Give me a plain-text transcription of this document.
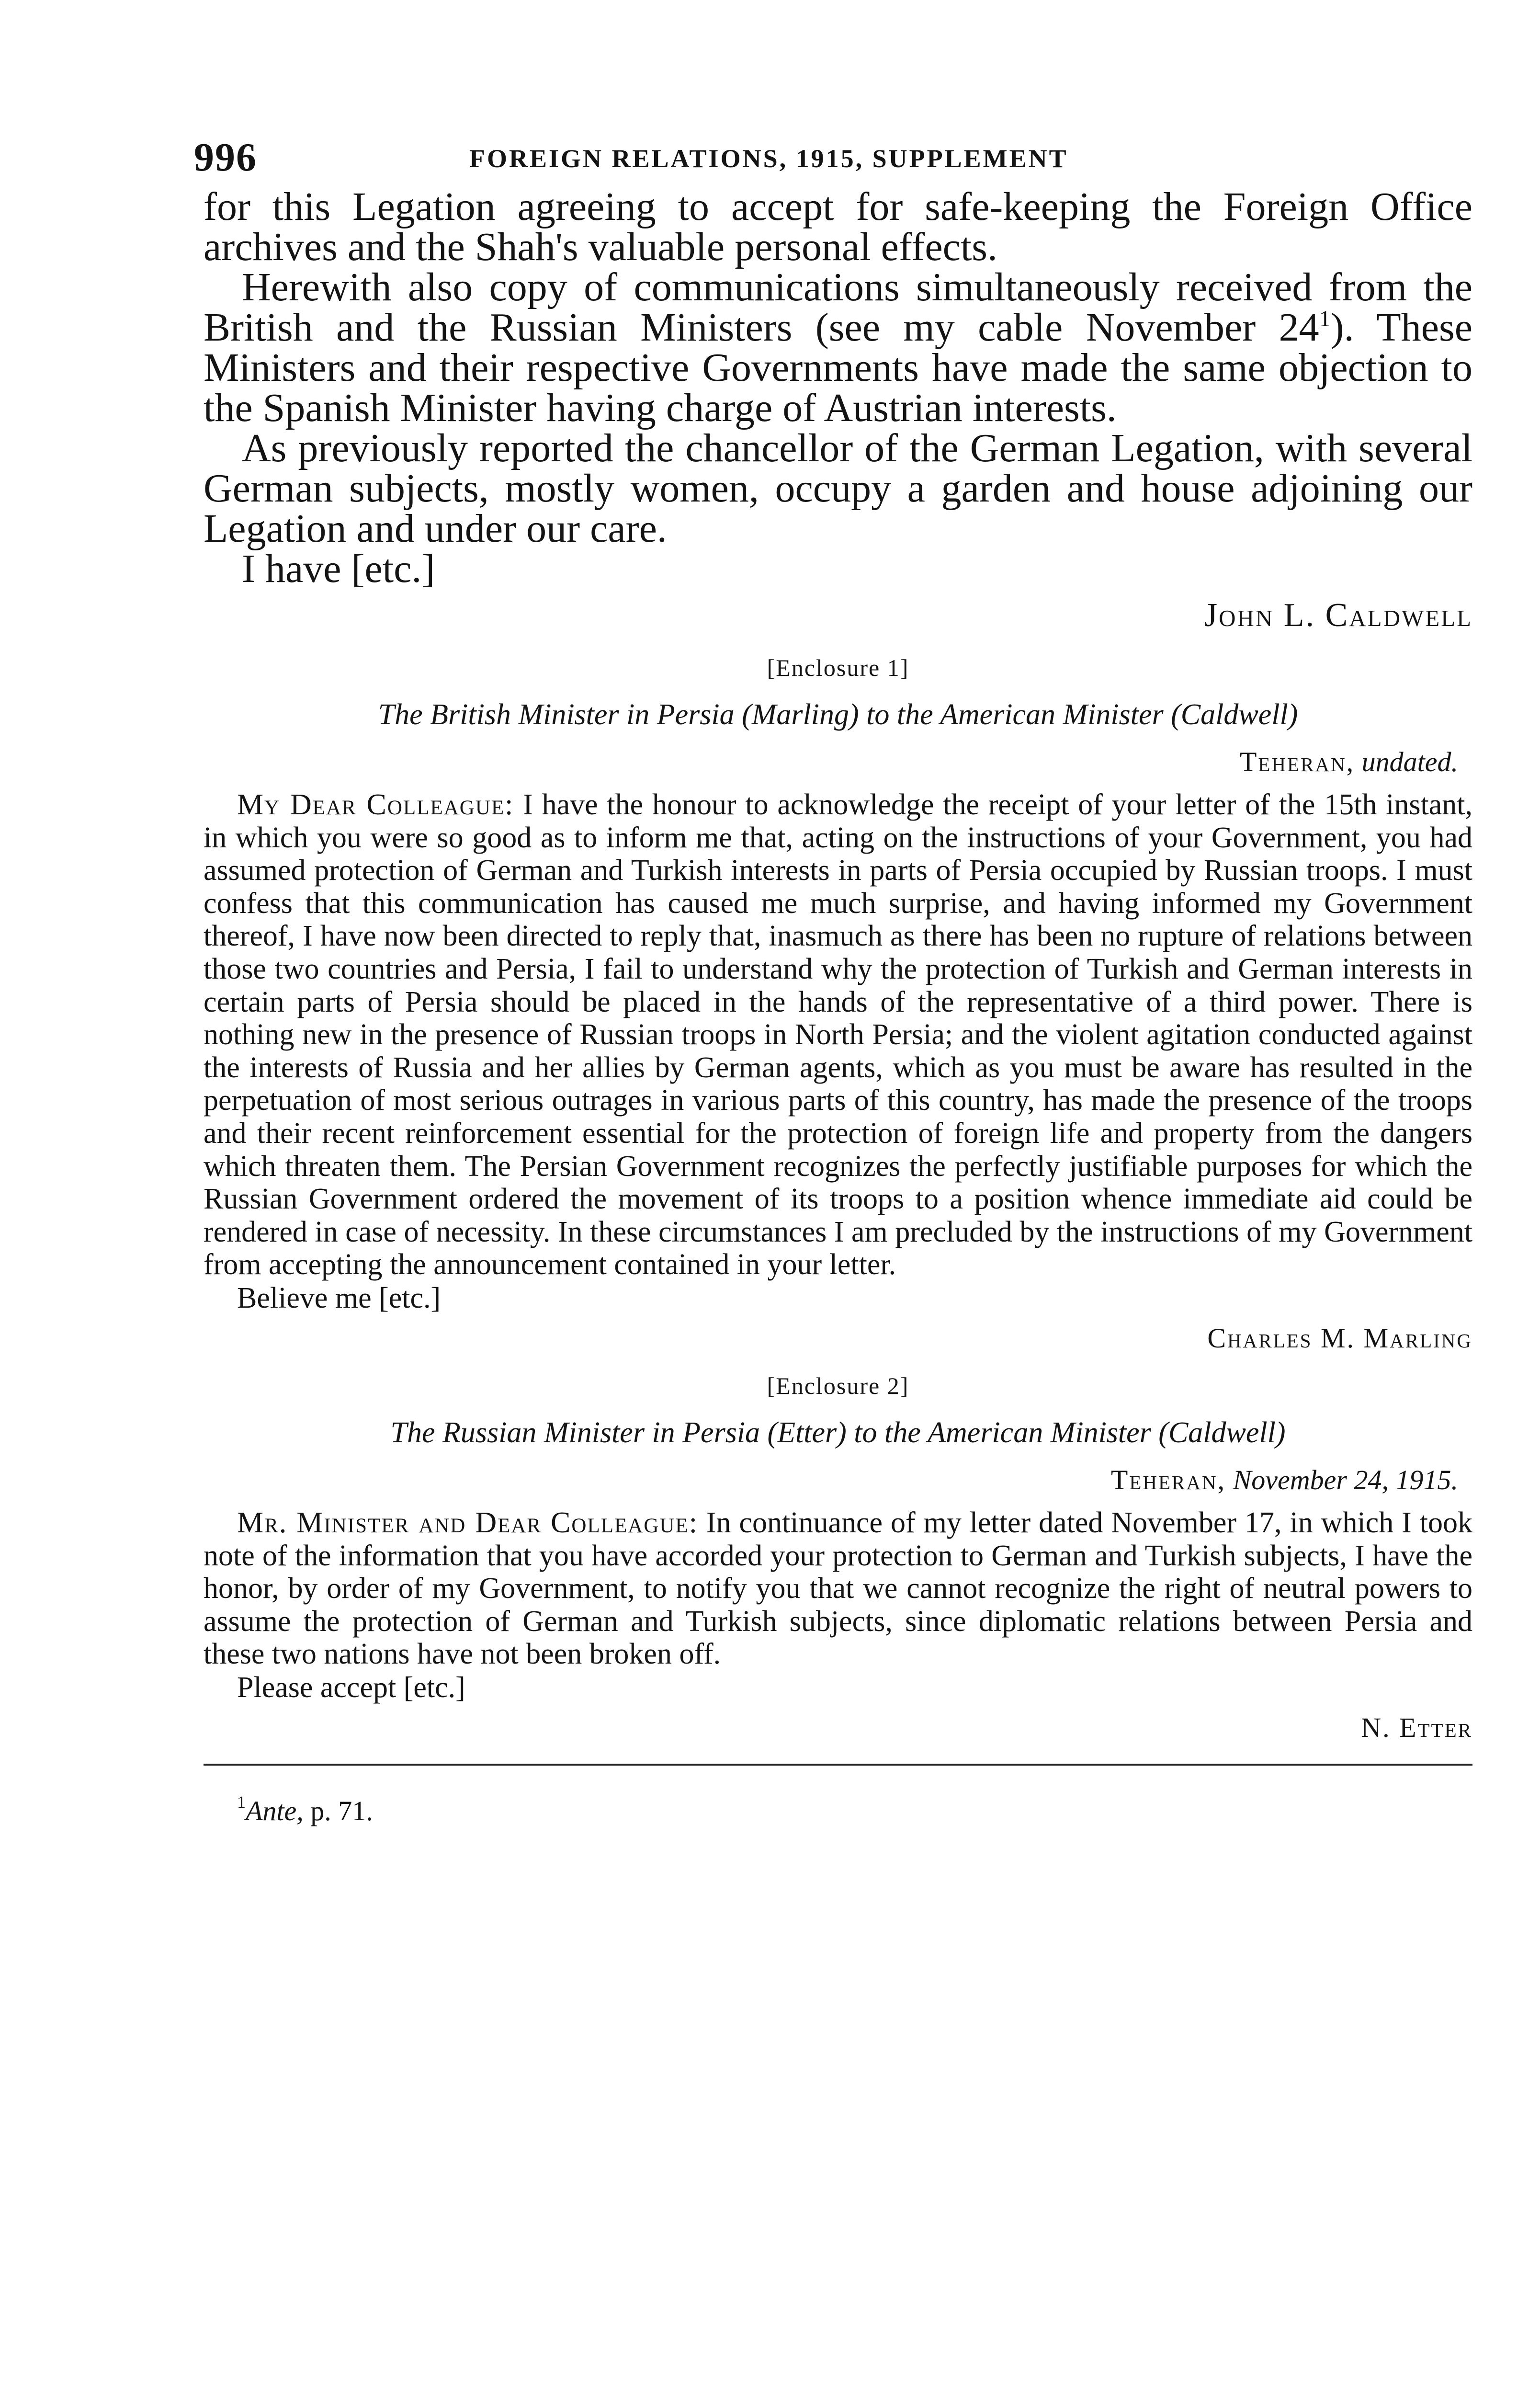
996	FOREIGN RELATIONS, 1915, SUPPLEMENT

for this Legation agreeing to accept for safe-keeping the Foreign Office archives and the Shah's valuable personal effects.

Herewith also copy of communications simultaneously received from the British and the Russian Ministers (see my cable November 24$^1$). These Ministers and their respective Governments have made the same objection to the Spanish Minister having charge of Austrian interests.

As previously reported the chancellor of the German Legation, with several German subjects, mostly women, occupy a garden and house adjoining our Legation and under our care.

I have [etc.]

John L. Caldwell

[Enclosure 1]
The British Minister in Persia (Marling) to the American Minister (Caldwell)
Teheran, undated.

My Dear Colleague: I have the honour to acknowledge the receipt of your letter of the 15th instant, in which you were so good as to inform me that, acting on the instructions of your Government, you had assumed protection of German and Turkish interests in parts of Persia occupied by Russian troops. I must confess that this communication has caused me much surprise, and having informed my Government thereof, I have now been directed to reply that, inasmuch as there has been no rupture of relations between those two countries and Persia, I fail to understand why the protection of Turkish and German interests in certain parts of Persia should be placed in the hands of the representative of a third power. There is nothing new in the presence of Russian troops in North Persia; and the violent agitation conducted against the interests of Russia and her allies by German agents, which as you must be aware has resulted in the perpetuation of most serious outrages in various parts of this country, has made the presence of the troops and their recent reinforcement essential for the protection of foreign life and property from the dangers which threaten them. The Persian Government recognizes the perfectly justifiable purposes for which the Russian Government ordered the movement of its troops to a position whence immediate aid could be rendered in case of necessity. In these circumstances I am precluded by the instructions of my Government from accepting the announcement contained in your letter.

Believe me [etc.]

Charles M. Marling

[Enclosure 2]
The Russian Minister in Persia (Etter) to the American Minister (Caldwell)
Teheran, November 24, 1915.

Mr. Minister and Dear Colleague: In continuance of my letter dated November 17, in which I took note of the information that you have accorded your protection to German and Turkish subjects, I have the honor, by order of my Government, to notify you that we cannot recognize the right of neutral powers to assume the protection of German and Turkish subjects, since diplomatic relations between Persia and these two nations have not been broken off.

Please accept [etc.]

N. Etter

$^1$Ante, p. 71.
